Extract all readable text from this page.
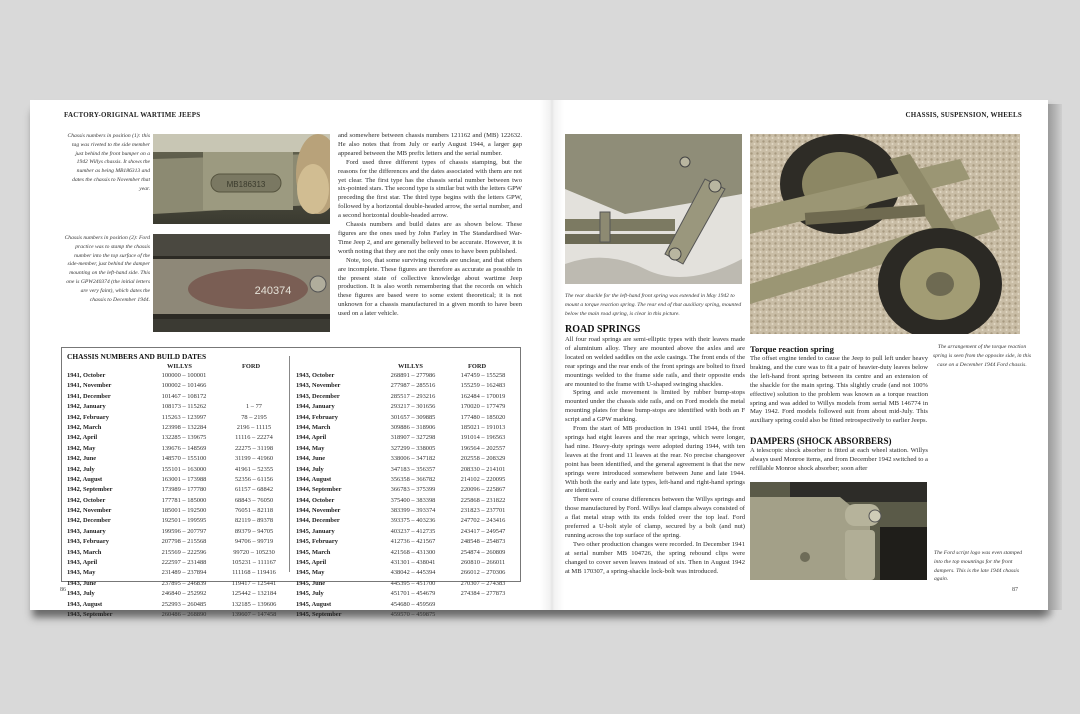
FACTORY-ORIGINAL WARTIME JEEPS
Chassis numbers in position (1): this tag was riveted to the side member just behind the front bumper on a 1942 Willys chassis. It shows the number as being MB186313 and dates the chassis to November that year.	MB186313
Chassis numbers in position (2): Ford practice was to stamp the chassis number into the top surface of the side-member, just behind the damper mounting on the left-hand side. This one is GPW240374 (the initial letters are very faint), which dates the chassis to December 1944.
240374

and somewhere between chassis numbers 121162 and (MB) 122632. He also notes that from July or early August 1944, a larger gap appeared between the MB prefix letters and the serial number.

Ford used three different types of chassis stamping, but the reasons for the differences and the dates associated with them are not yet clear. The first type has the chassis serial number between two six-pointed stars. The second type is similar but with the letters GPW preceding the first star. The third type begins with the letters GPW, followed by a horizontal double-headed arrow, the serial number, and a second horizontal double-headed arrow.

Chassis numbers and build dates are as shown below. These figures are the ones used by John Farley in The Standardised War-Time Jeep 2, and are generally believed to be accurate. However, it is worth noting that they are not the only ones to have been published.

Note, too, that some surviving records are unclear, and that others are incomplete. These figures are therefore as accurate as possible in the present state of collective knowledge about wartime Jeep production. It is also worth remembering that the records on which these figures are based were to some extent theoretical; it is not unknown for a chassis manufactured in a given month to have been used on a later vehicle.

CHASSIS NUMBERS AND BUILD DATES
WILLYS	FORD	WILLYS	FORD
1941, October	100000 – 100001
1941, November	100002 – 101466
1941, December	101467 – 108172
1942, January	108173 – 115262	1 – 77
1942, February	115263 – 123997	78 – 2195
1942, March	123998 – 132284	2196 – 11115
1942, April	132285 – 139675	11116 – 22274
1942, May	139676 – 148569	22275 – 31198
1942, June	148570 – 155100	31199 – 41960
1942, July	155101 – 163000	41961 – 52355
1942, August	163001 – 173988	52356 – 61156
1942, September	173989 – 177780	61157 – 68842
1942, October	177781 – 185000	68843 – 76050
1942, November	185001 – 192500	76051 – 82118
1942, December	192501 – 199595	82119 – 89378
1943, January	199596 – 207797	89379 – 94705
1943, February	207798 – 215568	94706 – 99719
1943, March	215569 – 222596	99720 – 105230
1943, April	222597 – 231488	105231 – 111167
1943, May	231489 – 237894	111168 – 119416
1943, June	237895 – 246839	119417 – 125441
1943, July	246840 – 252992	125442 – 132184
1943, August	252993 – 260485	132185 – 139606
1943, September	260486 – 268890	139607 – 147458
1943, October	268891 – 277986	147459 – 155258
1943, November	277987 – 285516	155259 – 162483
1943, December	285517 – 293216	162484 – 170019
1944, January	293217 – 301656	170020 – 177479
1944, February	301657 – 309885	177480 – 185020
1944, March	309886 – 318906	185021 – 191013
1944, April	318907 – 327298	191014 – 196563
1944, May	327299 – 338005	196564 – 202557
1944, June	338006 – 347182	202558 – 208329
1944, July	347183 – 356357	208330 – 214101
1944, August	356358 – 366782	214102 – 220095
1944, September	366783 – 375399	220096 – 225867
1944, October	375400 – 383398	225868 – 231822
1944, November	383399 – 393374	231823 – 237701
1944, December	393375 – 403236	247702 – 243416
1945, January	403237 – 412735	243417 – 249547
1945, February	412736 – 421567	248548 – 254873
1945, March	421568 – 431300	254874 – 260809
1945, April	431301 – 438041	260810 – 266011
1945, May	438042 – 445394	266012 – 270306
1945, June	445395 – 451700	270307 – 274383
1945, July	451701 – 454679	274384 – 277873
1945, August	454680 – 459569
1945, September	459570 – 459875
86
CHASSIS, SUSPENSION, WHEELS
The rear shackle for the left-hand front spring was extended in May 1942 to mount a torque reaction spring. The rear end of that auxiliary spring, mounted below the main road spring, is clear in this picture.
The arrangement of the torque reaction spring is seen from the opposite side, in this case on a December 1944 Ford chassis.
ROAD SPRINGS

All four road springs are semi-elliptic types with their leaves made of aluminium alloy. They are mounted above the axles and are located on welded saddles on the axle casings. The front ends of the rear springs and the rear ends of the front springs are bolted to fixed mountings welded to the frame side rails, and their opposite ends are mounted to the frame with U-shaped swinging shackles.

Spring and axle movement is limited by rubber bump-stops mounted under the chassis side rails, and on Ford models the metal mounting plates for these bump-stops are identified with both an F script and a GPW marking.

From the start of MB production in 1941 until 1944, the front springs had eight leaves and the rear springs, which were longer, had nine. Heavy-duty springs were adopted during 1944, with ten leaves at the front and 11 leaves at the rear. No precise changeover point has been identified, and the general agreement is that the new springs were introduced somewhere between June and late 1944. With both the early and late types, left-hand and right-hand springs are identical.

There were of course differences between the Willys springs and those manufactured by Ford. Willys leaf clamps always consisted of a flat metal strap with its ends folded over the top leaf. Ford preferred a U-bolt style of clamp, secured by a bolt (and nut) running across the top surface of the spring.

Two other production changes were recorded. In December 1941 at serial number MB 104726, the spring rebound clips were changed to cover seven leaves instead of six. Then in August 1942 at MB 170307, a spring-shackle lock-bolt was introduced.

Torque reaction spring

The offset engine tended to cause the Jeep to pull left under heavy braking, and the cure was to fit a pair of heavier-duty leaves below the left-hand front spring between its centre and an extension of the shackle for the main spring. This slightly crude (and not 100% effective) solution to the problem was known as a torque reaction spring and was added to Willys models from serial MB 146774 in May 1942. Ford models followed suit from about mid-July. This auxiliary spring could also be fitted retrospectively to earlier Jeeps.

DAMPERS (SHOCK ABSORBERS)

A telescopic shock absorber is fitted at each wheel station. Willys always used Monroe items, and from December 1942 switched to a refillable Monroe shock absorber; soon after

The Ford script logo was even stamped into the top mountings for the front dampers. This is the late 1944 chassis again.
87
